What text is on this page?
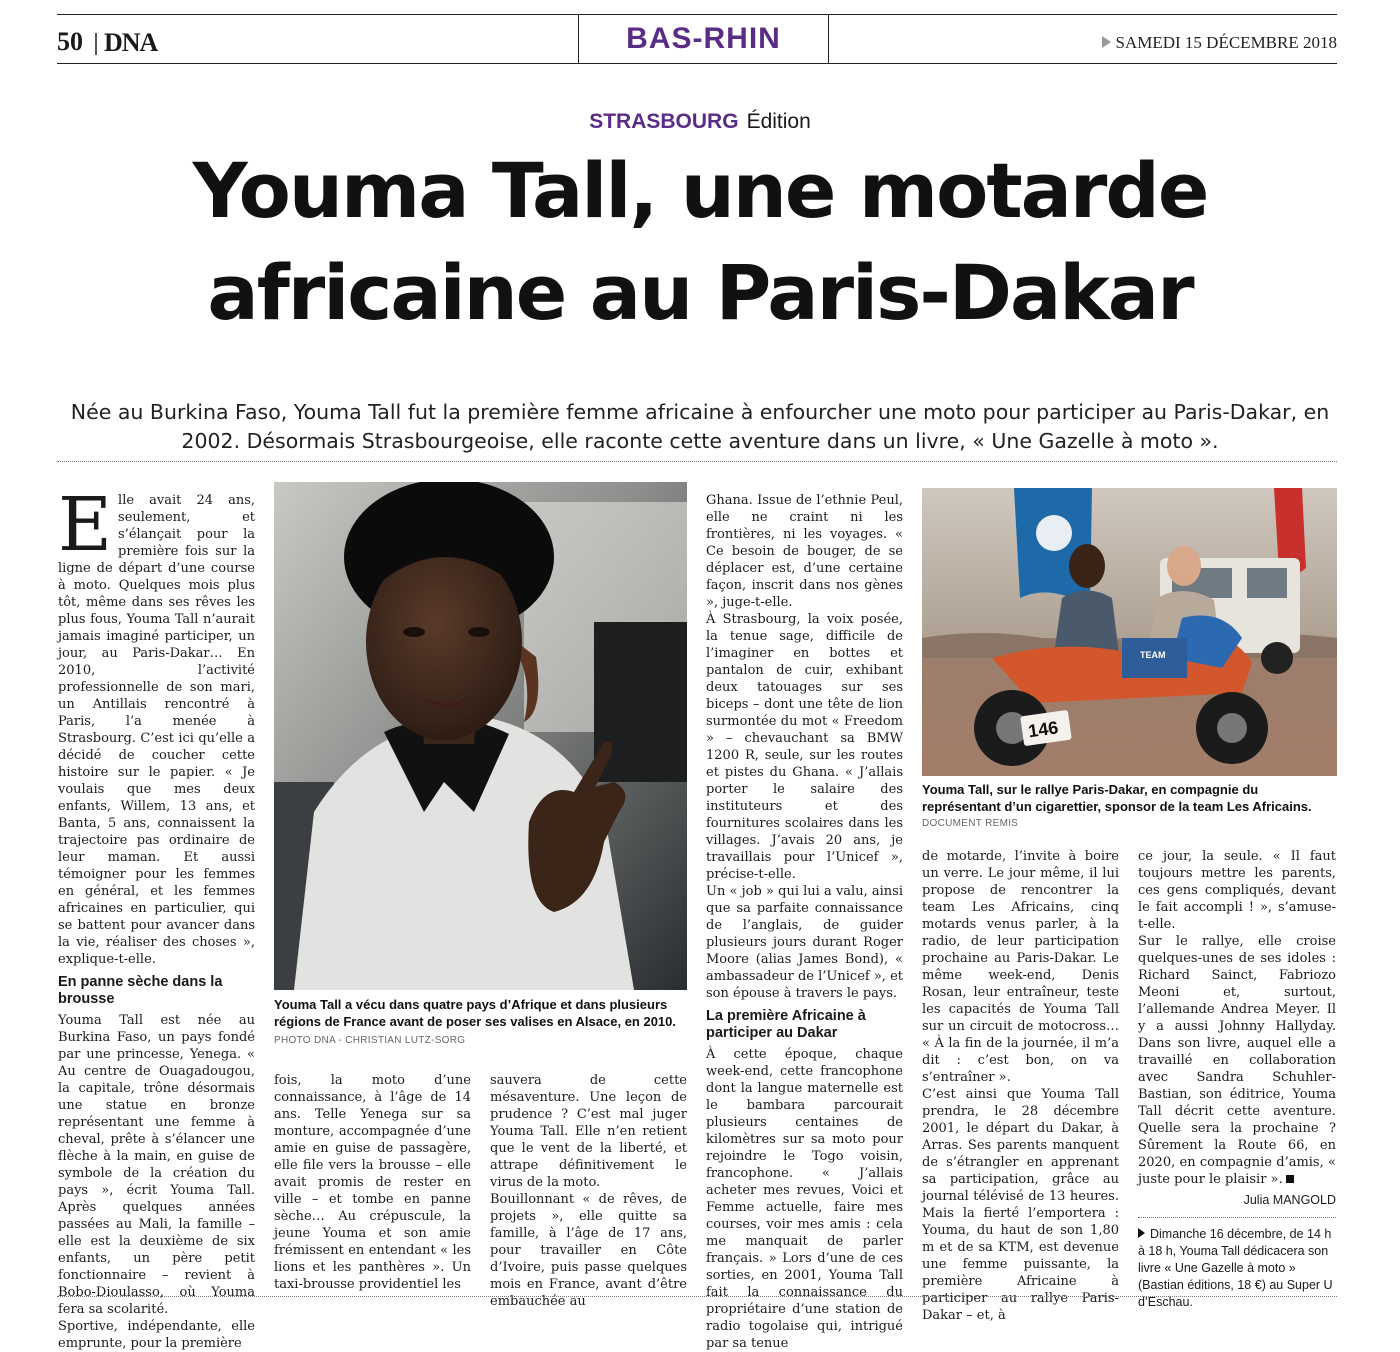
50 DNA	BAS-RHIN	SAMEDI 15 DÉCEMBRE 2018
STRASBOURG Édition
Youma Tall, une motarde
africaine au Paris-Dakar
Née au Burkina Faso, Youma Tall fut la première femme africaine à enfourcher une moto pour participer au Paris-Dakar, en 2002. Désormais Strasbourgeoise, elle raconte cette aventure dans un livre, « Une Gazelle à moto ».
E lle avait 24 ans, seulement, et s’élançait pour la première fois sur la ligne de départ d’une course à moto. Quelques mois plus tôt, même dans ses rêves les plus fous, Youma Tall n’aurait jamais imaginé participer, un jour, au Paris-Dakar… En 2010, l’activité professionnelle de son mari, un Antillais rencontré à Paris, l’a menée à Strasbourg. C’est ici qu’elle a décidé de coucher cette histoire sur le papier. « Je voulais que mes deux enfants, Willem, 13 ans, et Banta, 5 ans, connaissent la trajectoire pas ordinaire de leur maman. Et aussi témoigner pour les femmes en général, et les femmes africaines en particulier, qui se battent pour avancer dans la vie, réaliser des choses », explique-t-elle.

En panne sèche dans la brousse

Youma Tall est née au Burkina Faso, un pays fondé par une princesse, Yenega. « Au centre de Ouagadougou, la capitale, trône désormais une statue en bronze représentant une femme à cheval, prête à s’élancer une flèche à la main, en guise de symbole de la création du pays », écrit Youma Tall. Après quelques années passées au Mali, la famille – elle est la deuxième de six enfants, un père petit fonctionnaire – revient à Bobo-Dioulasso, où Youma fera sa scolarité.

Sportive, indépendante, elle emprunte, pour la première

Youma Tall a vécu dans quatre pays d’Afrique et dans plusieurs régions de France avant de poser ses valises en Alsace, en 2010. PHOTO DNA - CHRISTIAN LUTZ-SORG

fois, la moto d’une connaissance, à l’âge de 14 ans. Telle Yenega sur sa monture, accompagnée d’une amie en guise de passagère, elle file vers la brousse – elle avait promis de rester en ville – et tombe en panne sèche… Au crépuscule, la jeune Youma et son amie frémissent en entendant « les lions et les panthères ». Un taxi-brousse providentiel les

sauvera de cette mésaventure. Une leçon de prudence ? C’est mal juger Youma Tall. Elle n’en retient que le vent de la liberté, et attrape définitivement le virus de la moto.

Bouillonnant « de rêves, de projets », elle quitte sa famille, à l’âge de 17 ans, pour travailler en Côte d’Ivoire, puis passe quelques mois en France, avant d’être embauchée au

Ghana. Issue de l’ethnie Peul, elle ne craint ni les frontières, ni les voyages. « Ce besoin de bouger, de se déplacer est, d’une certaine façon, inscrit dans nos gènes », juge-t-elle.

À Strasbourg, la voix posée, la tenue sage, difficile de l’imaginer en bottes et pantalon de cuir, exhibant deux tatouages sur ses biceps – dont une tête de lion surmontée du mot « Freedom » – chevauchant sa BMW 1200 R, seule, sur les routes et pistes du Ghana. « J’allais porter le salaire des instituteurs et des fournitures scolaires dans les villages. J’avais 20 ans, je travaillais pour l’Unicef », précise-t-elle.

Un « job » qui lui a valu, ainsi que sa parfaite connaissance de l’anglais, de guider plusieurs jours durant Roger Moore (alias James Bond), « ambassadeur de l’Unicef », et son épouse à travers le pays.

La première Africaine à participer au Dakar

À cette époque, chaque week-end, cette francophone dont la langue maternelle est le bambara parcourait plusieurs centaines de kilomètres sur sa moto pour rejoindre le Togo voisin, francophone. « J’allais acheter mes revues, Voici et Femme actuelle, faire mes courses, voir mes amis : cela me manquait de parler français. » Lors d’une de ces sorties, en 2001, Youma Tall fait la connaissance du propriétaire d’une station de radio togolaise qui, intrigué par sa tenue

146
TEAM
Youma Tall, sur le rallye Paris-Dakar, en compagnie du représentant d’un cigarettier, sponsor de la team Les Africains.
DOCUMENT REMIS

de motarde, l’invite à boire un verre. Le jour même, il lui propose de rencontrer la team Les Africains, cinq motards venus parler, à la radio, de leur participation prochaine au Paris-Dakar. Le même week-end, Denis Rosan, leur entraîneur, teste les capacités de Youma Tall sur un circuit de motocross… « À la fin de la journée, il m’a dit : c’est bon, on va s’entraîner ».

C’est ainsi que Youma Tall prendra, le 28 décembre 2001, le départ du Dakar, à Arras. Ses parents manquent de s’étrangler en apprenant sa participation, grâce au journal télévisé de 13 heures. Mais la fierté l’emportera : Youma, du haut de son 1,80 m et de sa KTM, est devenue une femme puissante, la première Africaine à participer au rallye Paris-Dakar – et, à

ce jour, la seule. « Il faut toujours mettre les parents, ces gens compliqués, devant le fait accompli ! », s’amuse-t-elle.

Sur le rallye, elle croise quelques-unes de ses idoles : Richard Sainct, Fabriozo Meoni et, surtout, l’allemande Andrea Meyer. Il y a aussi Johnny Hallyday. Dans son livre, auquel elle a travaillé en collaboration avec Sandra Schuhler-Bastian, son éditrice, Youma Tall décrit cette aventure. Quelle sera la prochaine ? Sûrement la Route 66, en 2020, en compagnie d’amis, « juste pour le plaisir ».

Julia MANGOLD
Dimanche 16 décembre, de 14 h à 18 h, Youma Tall dédicacera son livre « Une Gazelle à moto » (Bastian éditions, 18 €) au Super U d’Eschau.
